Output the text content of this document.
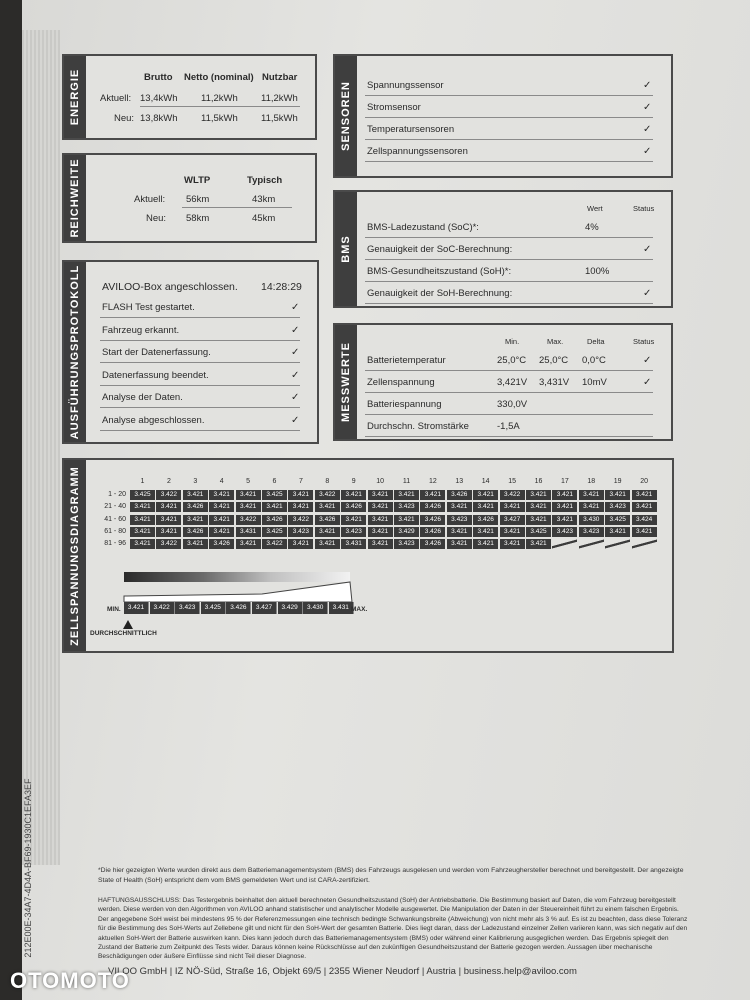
ENERGIE	Brutto Netto (nominal) Nutzbar
Aktuell: 13,4kWh 11,2kWh 11,2kWh
Neu: 13,8kWh 11,5kWh 11,5kWh
REICHWEITE	WLTP	Typisch
Aktuell: 56km	43km
Neu: 58km	45km
AUSFÜHRUNGSPROTOKOLL AVILOO-Box angeschlossen. 14:28:29
FLASH Test gestartet.	✓
Fahrzeug erkannt.	✓
Start der Datenerfassung.	✓
Datenerfassung beendet.	✓
Analyse der Daten.	✓
Analyse abgeschlossen.	✓
SENSOREN Spannungssensor	✓
Stromsensor	✓
Temperatursensoren	✓
Zellspannungssensoren	✓
BMS
Wert	Status
BMS-Ladezustand (SoC)*:	4%
Genauigkeit der SoC-Berechnung:	✓
BMS-Gesundheitszustand (SoH)*:	100%
Genauigkeit der SoH-Berechnung:	✓
MESSWERTE
Min.	Max.	Delta	Status
Batterietemperatur	25,0°C 25,0°C 0,0°C	✓
Zellenspannung	3,421V 3,431V 10mV	✓
Batteriespannung	330,0V
Durchschn. Stromstärke	-1,5A
ZELLSPANNUNGSDIAGRAMM	1	2	3	4	5	6	7	8	9	10	11	12	13	14	15	16	17	18	19	20
1 - 20	3.425	3.422	3.421	3.421	3.421	3.425	3.421	3.422	3.421	3.421	3.421	3.421	3.426	3.421	3.422	3.421	3.421	3.421	3.421	3.421
21 - 40	3.421	3.421	3.426	3.421	3.421	3.421	3.421	3.421	3.426	3.421	3.423	3.426	3.421	3.421	3.421	3.421	3.421	3.421	3.423	3.421
41 - 60	3.421	3.421	3.421	3.421	3.422	3.426	3.422	3.426	3.421	3.421	3.421	3.426	3.423	3.426	3.427	3.421	3.421	3.430	3.425	3.424
61 - 80	3.421	3.421	3.426	3.421	3.431	3.425	3.423	3.421	3.423	3.421	3.429	3.426	3.421	3.421	3.421	3.425	3.423	3.423	3.421	3.421
81 - 96	3.421	3.422	3.421	3.426	3.421	3.422	3.421	3.421	3.431	3.421	3.423	3.426	3.421	3.421	3.421	3.421
MIN.	3.421	3.422	3.423	3.425	3.426	3.427	3.429	3.430	3.431 MAX.
DURCHSCHNITTLICH
212E00E-34A7-4D4A-BF69-1930C1EFA3EF	*Die hier gezeigten Werte wurden direkt aus dem Batteriemanagementsystem (BMS) des Fahrzeugs ausgelesen und werden vom Fahrzeughersteller berechnet und bereitgestellt. Der angezeigte State of Health (SoH) entspricht dem vom BMS gemeldeten Wert und ist CARA-zertifiziert.
HAFTUNGSAUSSCHLUSS: Das Testergebnis beinhaltet den aktuell berechneten Gesundheitszustand (SoH) der Antriebsbatterie. Die Bestimmung basiert auf Daten, die vom Fahrzeug bereitgestellt werden. Diese werden von den Algorithmen von AVILOO anhand statistischer und analytischer Modelle ausgewertet. Die Manipulation der Daten in der Steuereinheit führt zu einem falschen Ergebnis. Der angegebene SoH weist bei mindestens 95 % der Referenzmessungen eine technisch bedingte Schwankungsbreite (Abweichung) von nicht mehr als 3 % auf. Es ist zu beachten, dass diese Toleranz für die Bestimmung des SoH-Werts auf Zellebene gilt und nicht für den SoH-Wert der gesamten Batterie. Dies liegt daran, dass der Ladezustand einzelner Zellen variieren kann, was sich negativ auf den aktuellen SoH-Wert der Batterie auswirken kann. Dies kann jedoch durch das Batteriemanagementsystem (BMS) oder während einer Kalibrierung ausgeglichen werden. Das Ergebnis spiegelt den Zustand der Batterie zum Zeitpunkt des Tests wider. Daraus können keine Rückschlüsse auf den zukünftigen Gesundheitszustand der Batterie gezogen werden. Aussagen über mechanische Beschädigungen oder äußere Einflüsse sind nicht Teil dieser Diagnose.
VILOO GmbH | IZ NÖ-Süd, Straße 16, Objekt 69/5 | 2355 Wiener Neudorf | Austria | business.help@aviloo.com
OTOMOTO
